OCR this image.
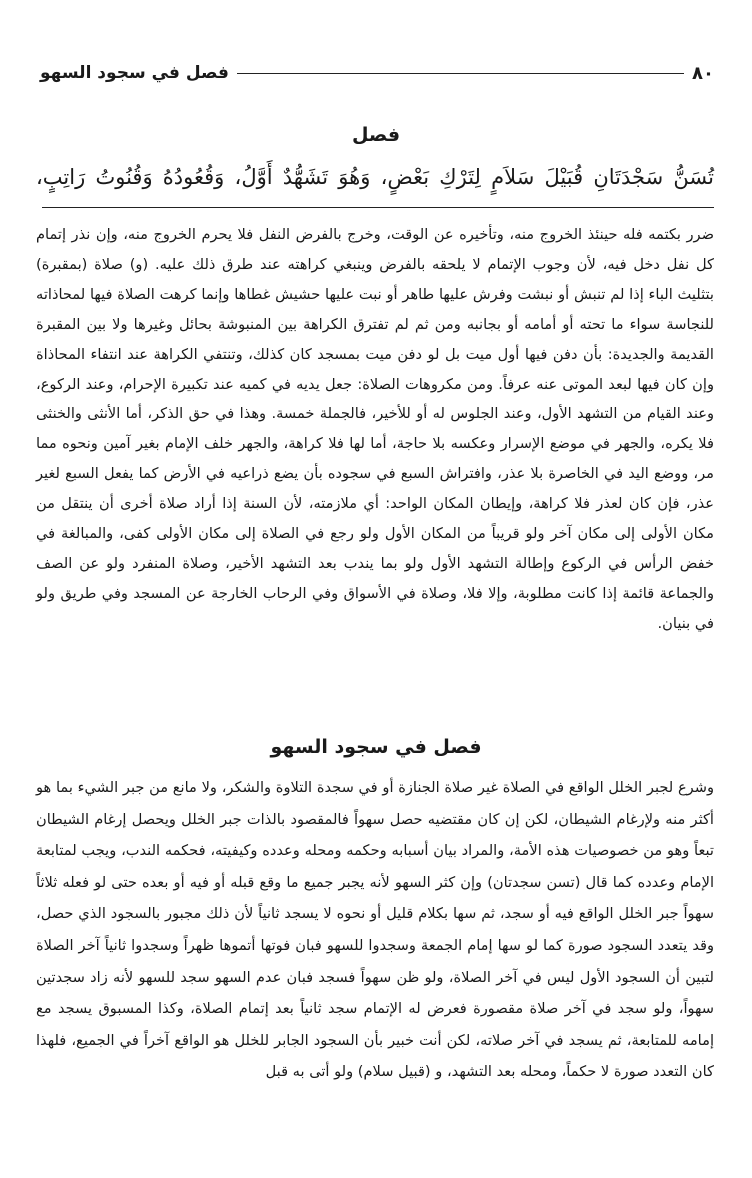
٨٠
فصل في سجود السهو
فصل
تُسَنُّ سَجْدَتَانِ قُبَيْلَ سَلاَمٍ لِتَرْكِ بَعْضٍ، وَهُوَ تَشَهُّدٌ أَوَّلُ، وَقُعُودُهُ وَقُنُوتُ رَاتِبٍ،
ضرر بكتمه فله حينئذ الخروج منه، وتأخيره عن الوقت، وخرج بالفرض النفل فلا يحرم الخروج منه، وإن نذر إتمام كل نفل دخل فيه، لأن وجوب الإتمام لا يلحقه بالفرض وينبغي كراهته عند طرق ذلك عليه. (و) صلاة (بمقبرة) بتثليث الباء إذا لم تنبش أو نبشت وفرش عليها طاهر أو نبت عليها حشيش غطاها وإنما كرهت الصلاة فيها لمحاذاته للنجاسة سواء ما تحته أو أمامه أو بجانبه ومن ثم لم تفترق الكراهة بين المنبوشة بحائل وغيرها ولا بين المقبرة القديمة والجديدة: بأن دفن فيها أول ميت بل لو دفن ميت بمسجد كان كذلك، وتنتفي الكراهة عند انتفاء المحاذاة وإن كان فيها لبعد الموتى عنه عرفاً. ومن مكروهات الصلاة: جعل يديه في كميه عند تكبيرة الإحرام، وعند الركوع، وعند القيام من التشهد الأول، وعند الجلوس له أو للأخير، فالجملة خمسة. وهذا في حق الذكر، أما الأنثى والخنثى فلا يكره، والجهر في موضع الإسرار وعكسه بلا حاجة، أما لها فلا كراهة، والجهر خلف الإمام بغير آمين ونحوه مما مر، ووضع اليد في الخاصرة بلا عذر، وافتراش السبع في سجوده بأن يضع ذراعيه في الأرض كما يفعل السبع لغير عذر، فإن كان لعذر فلا كراهة، وإيطان المكان الواحد: أي ملازمته، لأن السنة إذا أراد صلاة أخرى أن ينتقل من مكان الأولى إلى مكان آخر ولو قريباً من المكان الأول ولو رجع في الصلاة إلى مكان الأولى كفى، والمبالغة في خفض الرأس في الركوع وإطالة التشهد الأول ولو بما يندب بعد التشهد الأخير، وصلاة المنفرد ولو عن الصف والجماعة قائمة إذا كانت مطلوبة، وإلا فلا، وصلاة في الأسواق وفي الرحاب الخارجة عن المسجد وفي طريق ولو في بنيان.
فصل في سجود السهو
وشرع لجبر الخلل الواقع في الصلاة غير صلاة الجنازة أو في سجدة التلاوة والشكر، ولا مانع من جبر الشيء بما هو أكثر منه ولإرغام الشيطان، لكن إن كان مقتضيه حصل سهواً فالمقصود بالذات جبر الخلل ويحصل إرغام الشيطان تبعاً وهو من خصوصيات هذه الأمة، والمراد بيان أسبابه وحكمه ومحله وعدده وكيفيته، فحكمه الندب، ويجب لمتابعة الإمام وعدده كما قال (تسن سجدتان) وإن كثر السهو لأنه يجبر جميع ما وقع قبله أو فيه أو بعده حتى لو فعله ثلاثاً سهواً جبر الخلل الواقع فيه أو سجد، ثم سها بكلام قليل أو نحوه لا يسجد ثانياً لأن ذلك مجبور بالسجود الذي حصل، وقد يتعدد السجود صورة كما لو سها إمام الجمعة وسجدوا للسهو فبان فوتها أتموها ظهراً وسجدوا ثانياً آخر الصلاة لتبين أن السجود الأول ليس في آخر الصلاة، ولو ظن سهواً فسجد فبان عدم السهو سجد للسهو لأنه زاد سجدتين سهواً، ولو سجد في آخر صلاة مقصورة فعرض له الإتمام سجد ثانياً بعد إتمام الصلاة، وكذا المسبوق يسجد مع إمامه للمتابعة، ثم يسجد في آخر صلاته، لكن أنت خبير بأن السجود الجابر للخلل هو الواقع آخراً في الجميع، فلهذا كان التعدد صورة لا حكماً، ومحله بعد التشهد، و (قبيل سلام) ولو أتى به قبل
